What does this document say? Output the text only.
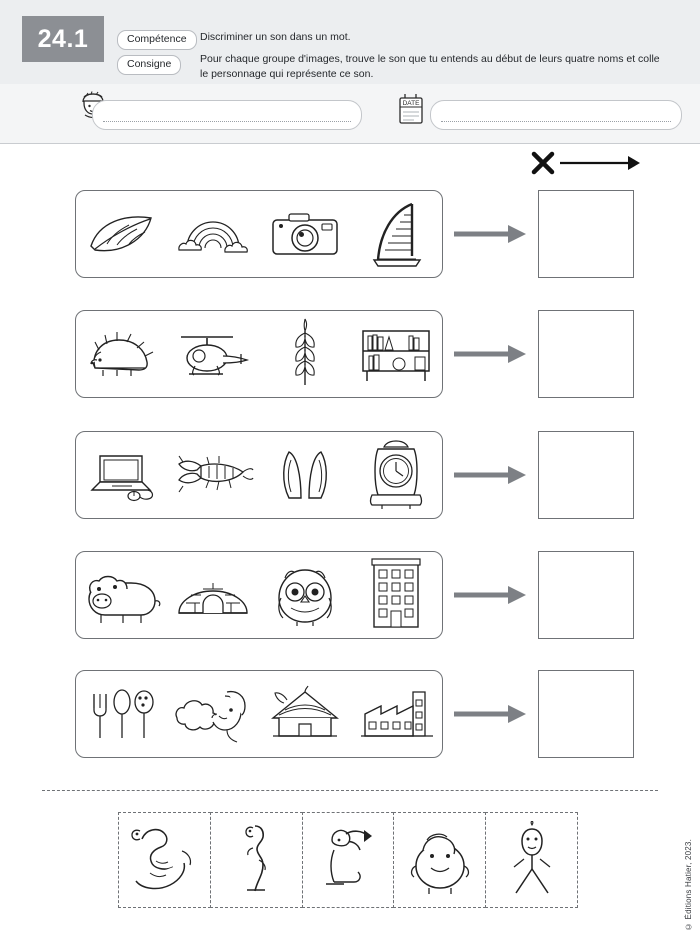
24.1	Compétence
Consigne
Discriminer un son dans un mot.
Pour chaque groupe d'images, trouve le son que tu entends au début de leurs quatre noms et colle le personnage qui représente ce son.
DATE
© Éditions Hatier, 2023.
